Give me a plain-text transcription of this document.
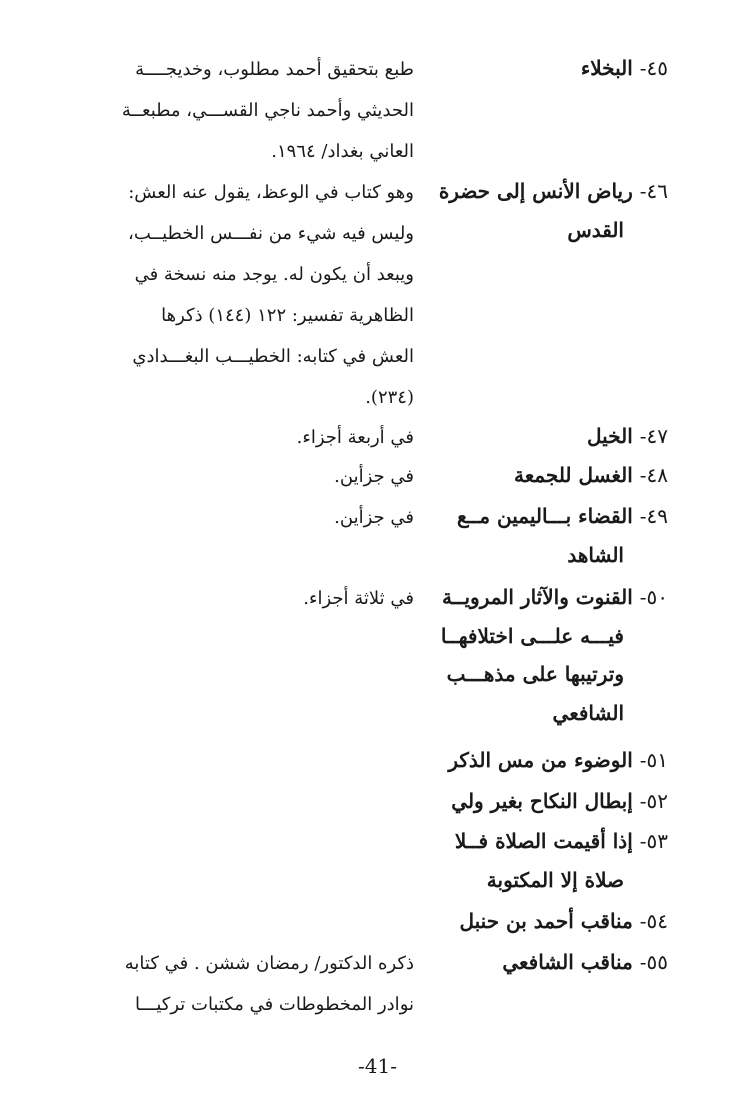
٤٥- البخلاء
طبع بتحقيق أحمد مطلوب، وخديجــــة
الحديثي وأحمد ناجي القســـي، مطبعــة
العاني بغداد/ ١٩٦٤.
٤٦- رياض الأنس إلى حضرة
القدس
وهو كتاب في الوعظ، يقول عنه العش:
وليس فيه شيء من نفـــس الخطيــب،
ويبعد أن يكون له. يوجد منه نسخة في
الظاهرية تفسير: ١٢٢ (١٤٤) ذكرها
العش في كتابه: الخطيـــب البغـــدادي
(٢٣٤).
٤٧- الخيل
في أربعة أجزاء.
٤٨- الغسل للجمعة
في جزأين.
٤٩- القضاء بـــاليمين مــع
الشاهد
في جزأين.
٥٠- القنوت والآثار المرويــة
فيـــه علـــى اختلافهــا
وترتيبها على مذهـــب
الشافعي
في ثلاثة أجزاء.
٥١- الوضوء من مس الذكر
٥٢- إبطال النكاح بغير ولي
٥٣- إذا أقيمت الصلاة فــلا
صلاة إلا المكتوبة
٥٤- مناقب أحمد بن حنبل
٥٥- مناقب الشافعي
ذكره الدكتور/ رمضان ششن . في كتابه
نوادر المخطوطات في مكتبات تركيـــا
-41-
